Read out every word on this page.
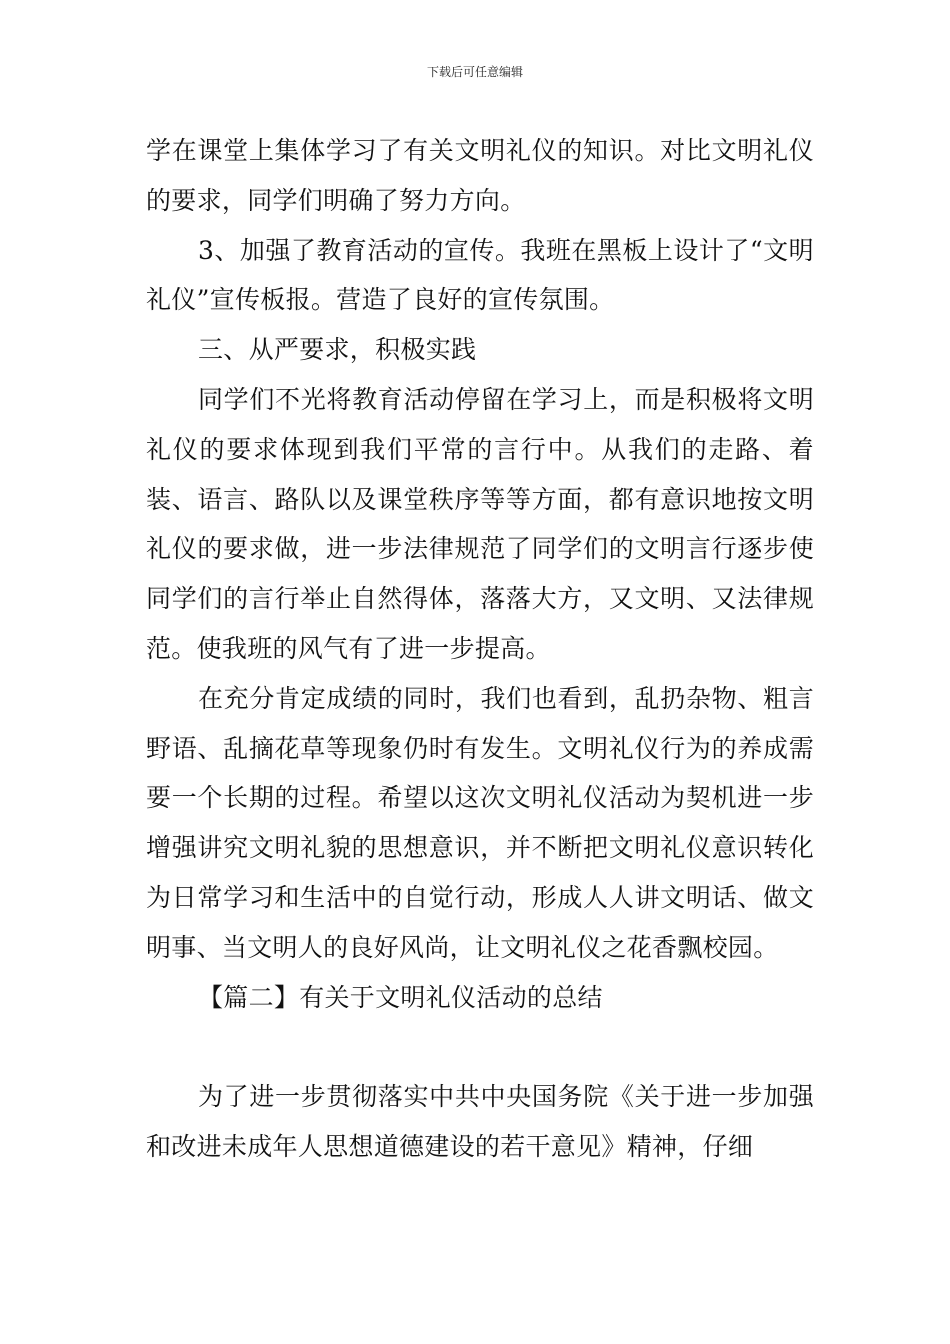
下载后可任意编辑

学在课堂上集体学习了有关文明礼仪的知识。对比文明礼仪的要求，同学们明确了努力方向。

3、加强了教育活动的宣传。我班在黑板上设计了“文明礼仪”宣传板报。营造了良好的宣传氛围。

三、从严要求，积极实践

同学们不光将教育活动停留在学习上，而是积极将文明礼仪的要求体现到我们平常的言行中。从我们的走路、着装、语言、路队以及课堂秩序等等方面，都有意识地按文明礼仪的要求做，进一步法律规范了同学们的文明言行逐步使同学们的言行举止自然得体，落落大方，又文明、又法律规范。使我班的风气有了进一步提高。

在充分肯定成绩的同时，我们也看到，乱扔杂物、粗言野语、乱摘花草等现象仍时有发生。文明礼仪行为的养成需要一个长期的过程。希望以这次文明礼仪活动为契机进一步增强讲究文明礼貌的思想意识，并不断把文明礼仪意识转化为日常学习和生活中的自觉行动，形成人人讲文明话、做文明事、当文明人的良好风尚，让文明礼仪之花香飘校园。

【篇二】有关于文明礼仪活动的总结

为了进一步贯彻落实中共中央国务院《关于进一步加强和改进未成年人思想道德建设的若干意见》精神，仔细
